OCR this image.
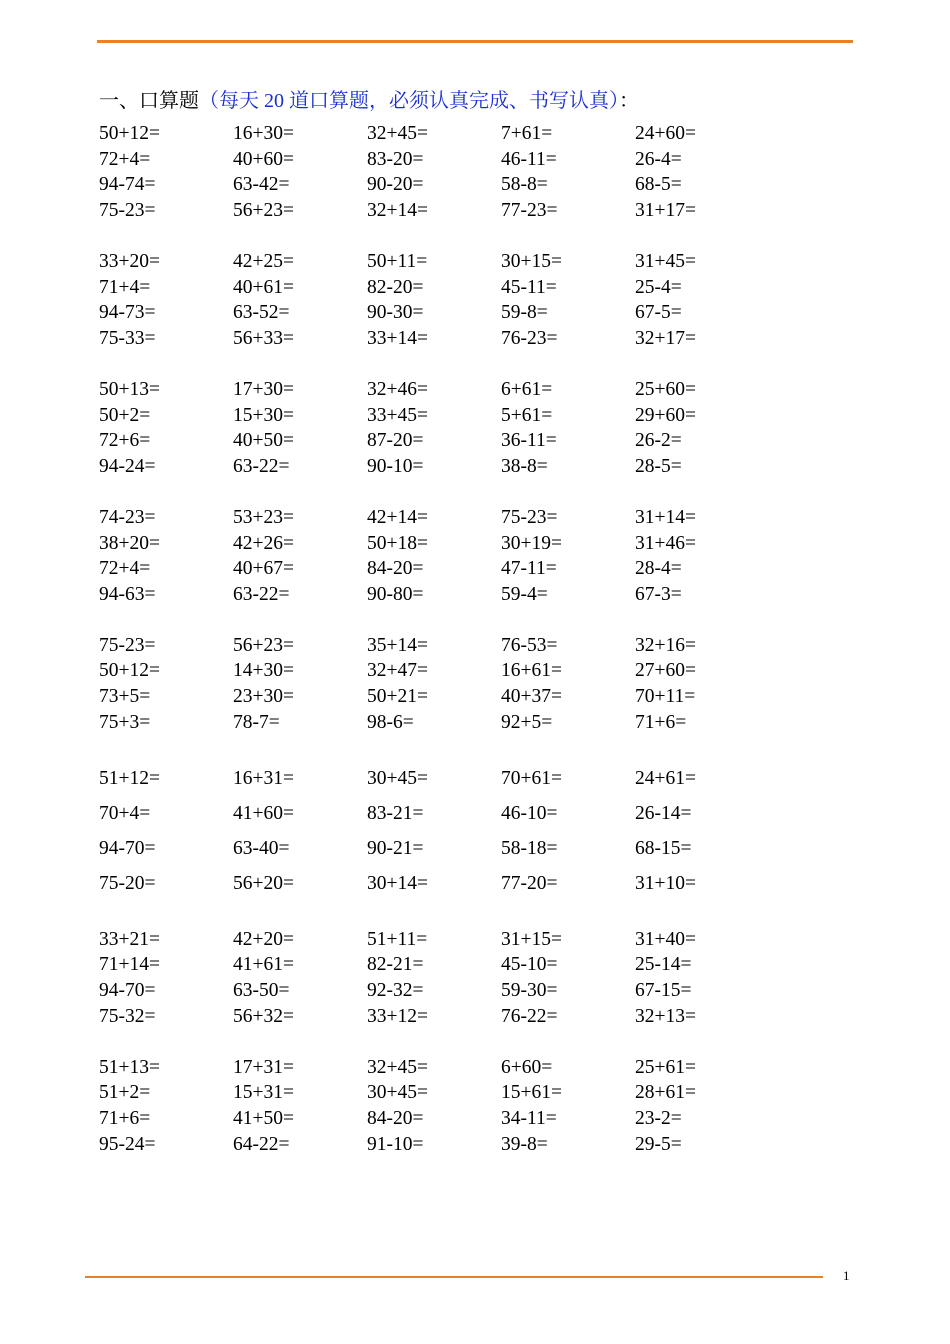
一、口算题（每天 20 道口算题，必须认真完成、书写认真）：
50+12=	16+30=	32+45=	7+61=	24+60=
72+4=	40+60=	83-20=	46-11=	26-4=
94-74=	63-42=	90-20=	58-8=	68-5=
75-23=	56+23=	32+14=	77-23=	31+17=
33+20=	42+25=	50+11=	30+15=	31+45=
71+4=	40+61=	82-20=	45-11=	25-4=
94-73=	63-52=	90-30=	59-8=	67-5=
75-33=	56+33=	33+14=	76-23=	32+17=
50+13=	17+30=	32+46=	6+61=	25+60=
50+2=	15+30=	33+45=	5+61=	29+60=
72+6=	40+50=	87-20=	36-11=	26-2=
94-24=	63-22=	90-10=	38-8=	28-5=
74-23=	53+23=	42+14=	75-23=	31+14=
38+20=	42+26=	50+18=	30+19=	31+46=
72+4=	40+67=	84-20=	47-11=	28-4=
94-63=	63-22=	90-80=	59-4=	67-3=
75-23=	56+23=	35+14=	76-53=	32+16=
50+12=	14+30=	32+47=	16+61=	27+60=
73+5=	23+30=	50+21=	40+37=	70+11=
75+3=	78-7=	98-6=	92+5=	71+6=
51+12=	16+31=	30+45=	70+61=	24+61=
70+4=	41+60=	83-21=	46-10=	26-14=
94-70=	63-40=	90-21=	58-18=	68-15=
75-20=	56+20=	30+14=	77-20=	31+10=
33+21=	42+20=	51+11=	31+15=	31+40=
71+14=	41+61=	82-21=	45-10=	25-14=
94-70=	63-50=	92-32=	59-30=	67-15=
75-32=	56+32=	33+12=	76-22=	32+13=
51+13=	17+31=	32+45=	6+60=	25+61=
51+2=	15+31=	30+45=	15+61=	28+61=
71+6=	41+50=	84-20=	34-11=	23-2=
95-24=	64-22=	91-10=	39-8=	29-5=
1
